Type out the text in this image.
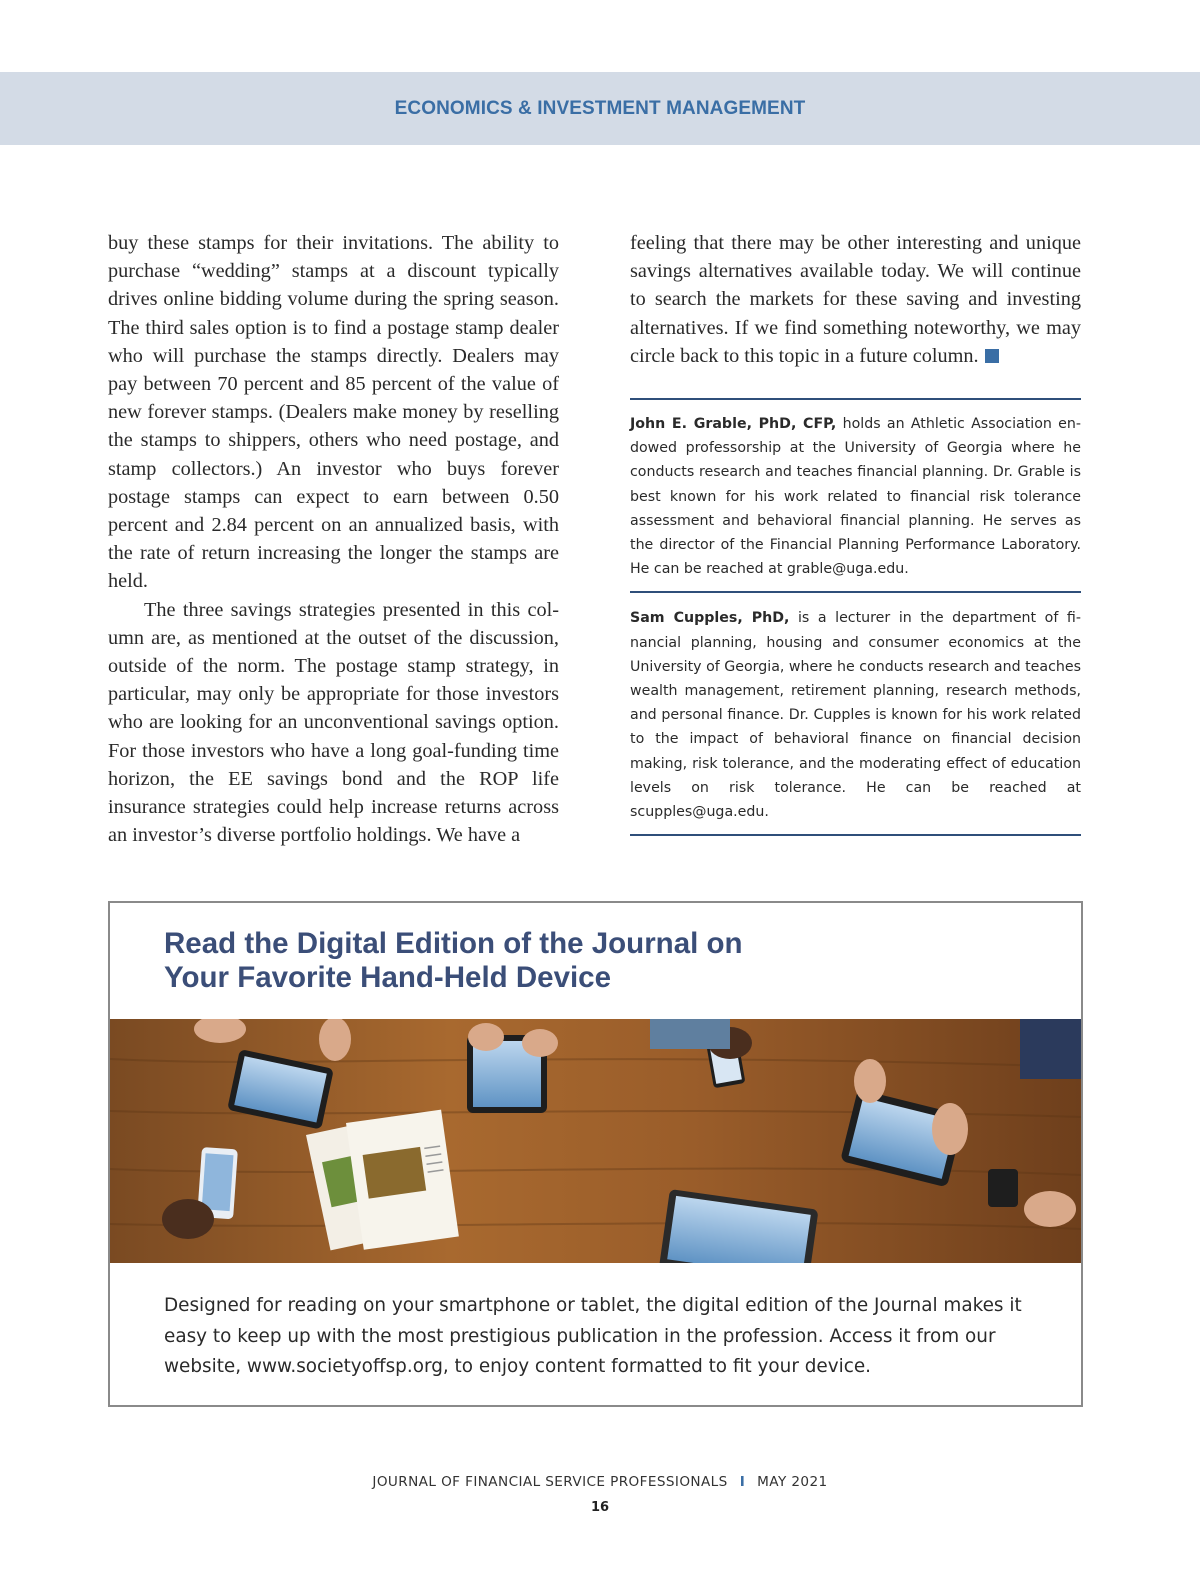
ECONOMICS & INVESTMENT MANAGEMENT

buy these stamps for their invitations. The ability to purchase “wedding” stamps at a discount typically drives online bidding volume during the spring season. The third sales option is to find a postage stamp dealer who will purchase the stamps directly. Dealers may pay between 70 percent and 85 percent of the value of new forever stamps. (Dealers make money by reselling the stamps to shippers, others who need postage, and stamp collectors.) An investor who buys forever postage stamps can expect to earn between 0.50 percent and 2.84 percent on an annualized basis, with the rate of return increasing the longer the stamps are held.

The three savings strategies presented in this column are, as mentioned at the outset of the discussion, outside of the norm. The postage stamp strategy, in particular, may only be appropriate for those investors who are looking for an unconventional savings option. For those investors who have a long goal-funding time horizon, the EE savings bond and the ROP life insurance strategies could help increase returns across an investor’s diverse portfolio holdings. We have a

feeling that there may be other interesting and unique savings alternatives available today. We will continue to search the markets for these saving and investing alternatives. If we find something noteworthy, we may circle back to this topic in a future column.

John E. Grable, PhD, CFP, holds an Athletic Association endowed professorship at the University of Georgia where he conducts research and teaches financial planning. Dr. Grable is best known for his work related to financial risk tolerance assessment and behavioral financial planning. He serves as the director of the Financial Planning Performance Laboratory. He can be reached at grable@uga.edu.

Sam Cupples, PhD, is a lecturer in the department of financial planning, housing and consumer economics at the University of Georgia, where he conducts research and teaches wealth management, retirement planning, research methods, and personal finance. Dr. Cupples is known for his work related to the impact of behavioral finance on financial decision making, risk tolerance, and the moderating effect of education levels on risk tolerance. He can be reached at scupples@uga.edu.

Read the Digital Edition of the Journal on
Your Favorite Hand-Held Device

Designed for reading on your smartphone or tablet, the digital edition of the Journal makes it easy to keep up with the most prestigious publication in the profession. Access it from our website, www.societyoffsp.org, to enjoy content formatted to fit your device.

JOURNAL OF FINANCIAL SERVICE PROFESSIONALS I MAY 2021
16
